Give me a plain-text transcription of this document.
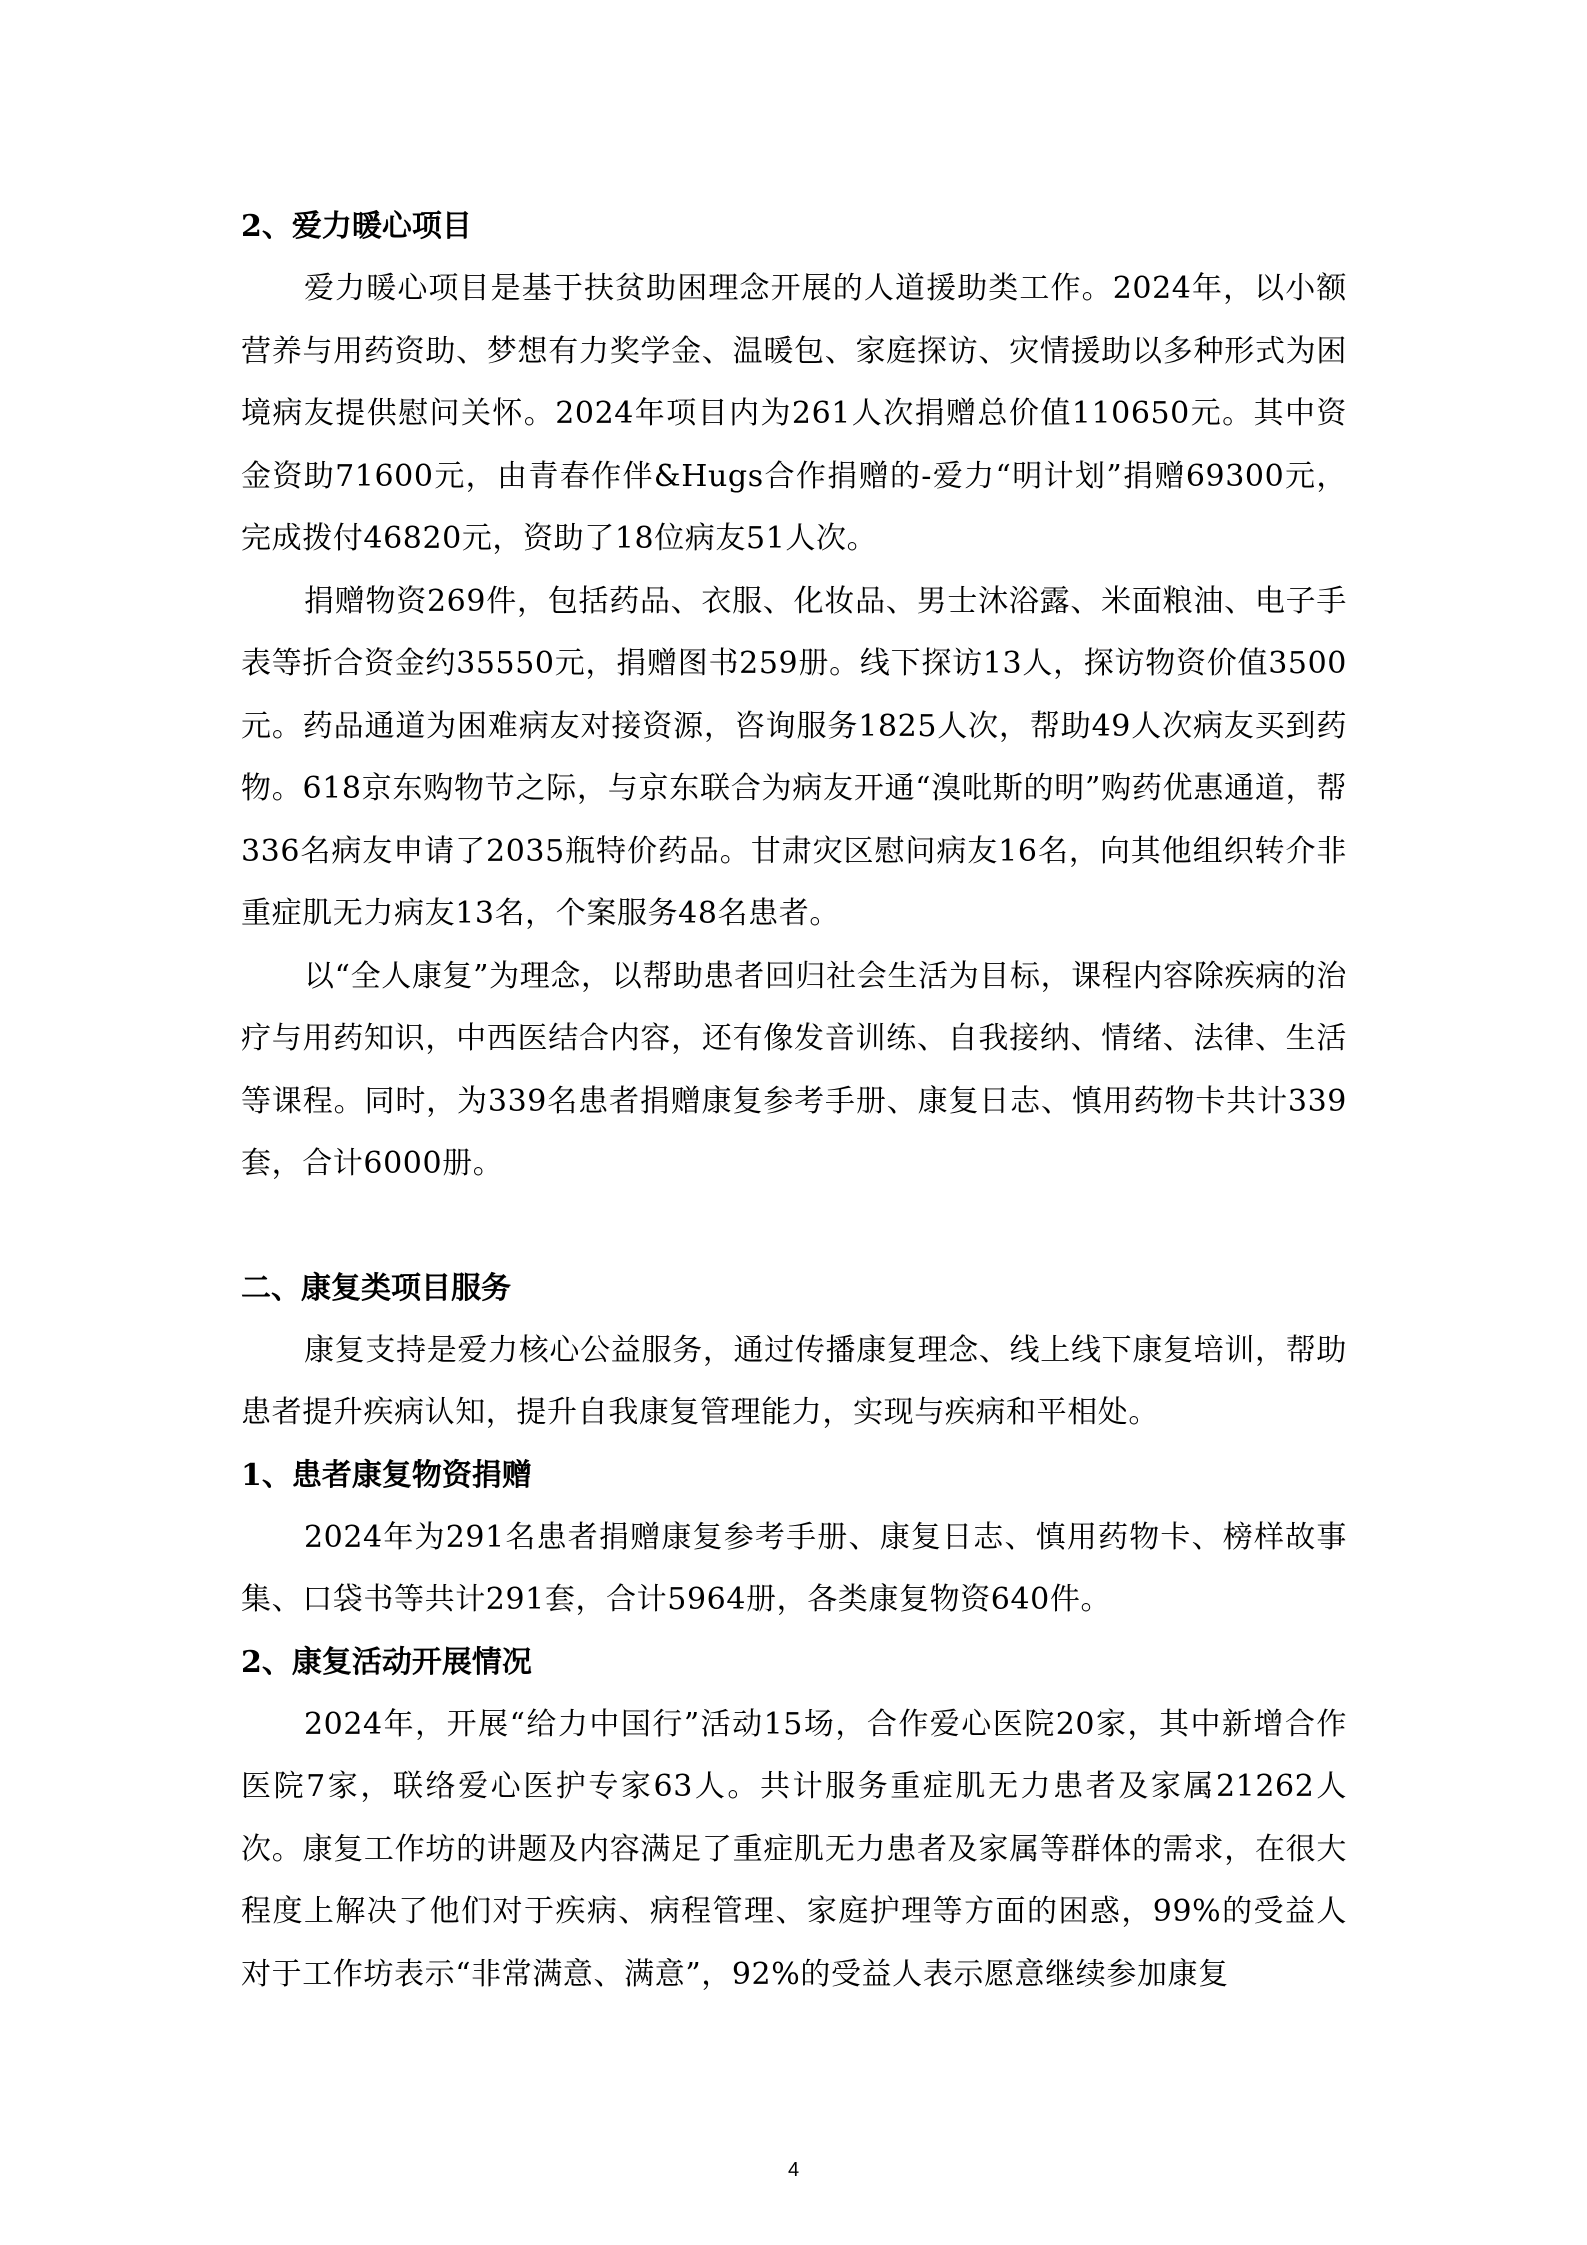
2、爱力暖心项目

爱力暖心项目是基于扶贫助困理念开展的人道援助类工作。2024年，以小额营养与用药资助、梦想有力奖学金、温暖包、家庭探访、灾情援助以多种形式为困境病友提供慰问关怀。2024年项目内为261人次捐赠总价值110650元。其中资金资助71600元，由青春作伴&Hugs合作捐赠的-爱力“明计划”捐赠69300元，完成拨付46820元，资助了18位病友51人次。

捐赠物资269件，包括药品、衣服、化妆品、男士沐浴露、米面粮油、电子手表等折合资金约35550元，捐赠图书259册。线下探访13人，探访物资价值3500元。药品通道为困难病友对接资源，咨询服务1825人次，帮助49人次病友买到药物。618京东购物节之际，与京东联合为病友开通“溴吡斯的明”购药优惠通道，帮336名病友申请了2035瓶特价药品。甘肃灾区慰问病友16名，向其他组织转介非重症肌无力病友13名，个案服务48名患者。

以“全人康复”为理念，以帮助患者回归社会生活为目标，课程内容除疾病的治疗与用药知识，中西医结合内容，还有像发音训练、自我接纳、情绪、法律、生活等课程。同时，为339名患者捐赠康复参考手册、康复日志、慎用药物卡共计339套，合计6000册。

二、康复类项目服务

康复支持是爱力核心公益服务，通过传播康复理念、线上线下康复培训，帮助患者提升疾病认知，提升自我康复管理能力，实现与疾病和平相处。

1、患者康复物资捐赠

2024年为291名患者捐赠康复参考手册、康复日志、慎用药物卡、榜样故事集、口袋书等共计291套，合计5964册，各类康复物资640件。

2、康复活动开展情况

2024年，开展“给力中国行”活动15场，合作爱心医院20家，其中新增合作医院7家，联络爱心医护专家63人。共计服务重症肌无力患者及家属21262人次。康复工作坊的讲题及内容满足了重症肌无力患者及家属等群体的需求，在很大程度上解决了他们对于疾病、病程管理、家庭护理等方面的困惑，99%的受益人对于工作坊表示“非常满意、满意”，92%的受益人表示愿意继续参加康复

4
